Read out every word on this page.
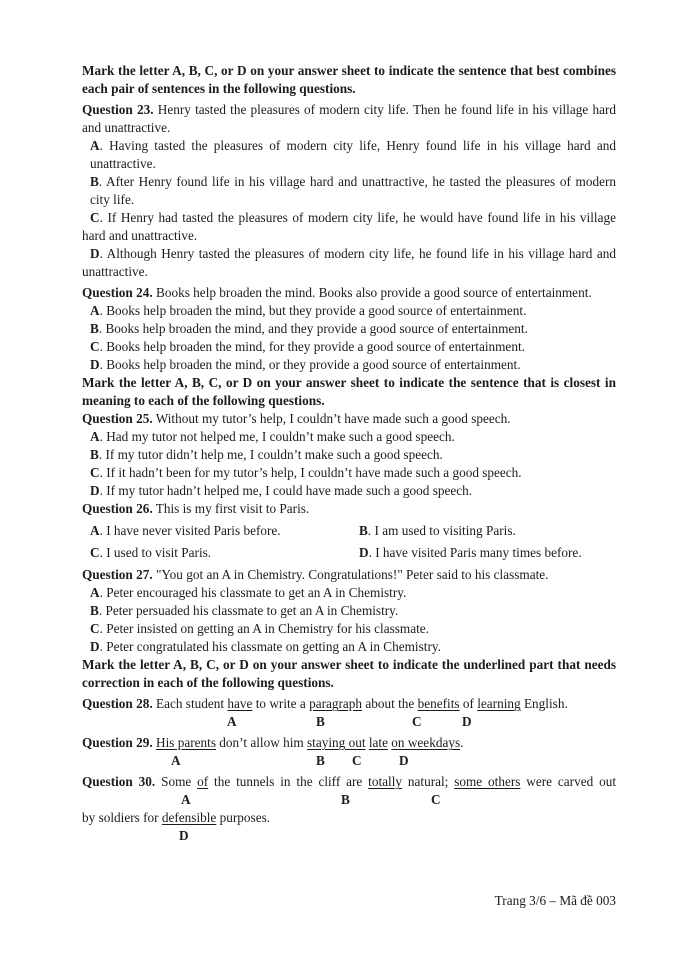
Mark the letter A, B, C, or D on your answer sheet to indicate the sentence that best combines
each pair of sentences in the following questions.
Question 23. Henry tasted the pleasures of modern city life. Then he found life in his village hard
and unattractive.
A. Having tasted the pleasures of modern city life, Henry found life in his village hard and
unattractive.
B. After Henry found life in his village hard and unattractive, he tasted the pleasures of modern
city life.
C. If Henry had tasted the pleasures of modern city life, he would have found life in his village
hard and unattractive.
D. Although Henry tasted the pleasures of modern city life, he found life in his village hard and
unattractive.
Question 24. Books help broaden the mind. Books also provide a good source of entertainment.
A. Books help broaden the mind, but they provide a good source of entertainment.
B. Books help broaden the mind, and they provide a good source of entertainment.
C. Books help broaden the mind, for they provide a good source of entertainment.
D. Books help broaden the mind, or they provide a good source of entertainment.
Mark the letter A, B, C, or D on your answer sheet to indicate the sentence that is closest in
meaning to each of the following questions.
Question 25. Without my tutor’s help, I couldn’t have made such a good speech.
A. Had my tutor not helped me, I couldn’t make such a good speech.
B. If my tutor didn’t help me, I couldn’t make such a good speech.
C. If it hadn’t been for my tutor’s help, I couldn’t have made such a good speech.
D. If my tutor hadn’t helped me, I could have made such a good speech.
Question 26. This is my first visit to Paris.
A. I have never visited Paris before.	B. I am used to visiting Paris.
C. I used to visit Paris.	D. I have visited Paris many times before.
Question 27. "You got an A in Chemistry. Congratulations!" Peter said to his classmate.
A. Peter encouraged his classmate to get an A in Chemistry.
B. Peter persuaded his classmate to get an A in Chemistry.
C. Peter insisted on getting an A in Chemistry for his classmate.
D. Peter congratulated his classmate on getting an A in Chemistry.
Mark the letter A, B, C, or D on your answer sheet to indicate the underlined part that needs
correction in each of the following questions.
Question 28. Each student have to write a paragraph about the benefits of learning English.
A	B	C	D
Question 29. His parents don’t allow him staying out late on weekdays.
A	B C	D
Question 30. Some of the tunnels in the cliff are totally natural; some others were carved out
A	B	C
by soldiers for defensible purposes.
D
Trang 3/6 – Mã đề 003
